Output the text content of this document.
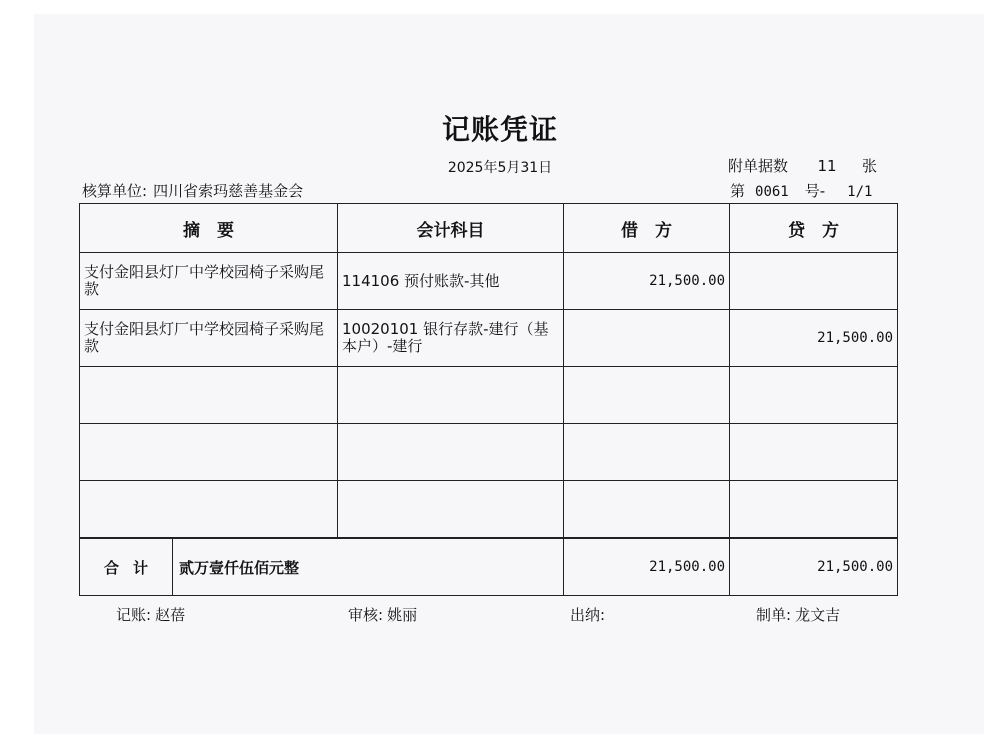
记账凭证
2025年5月31日	附单据数 11 张
核算单位: 四川省索玛慈善基金会	第 0061 号- 1/1
摘　要	会计科目	借　方	贷　方
支付金阳县灯厂中学校园椅子采购尾款	114106 预付账款-其他	21,500.00	
支付金阳县灯厂中学校园椅子采购尾款	10020101 银行存款-建行（基本户）-建行		21,500.00

合计 贰万壹仟伍佰元整		21,500.00	21,500.00
记账: 赵蓓	审核: 姚丽	出纳:	制单: 龙文吉
